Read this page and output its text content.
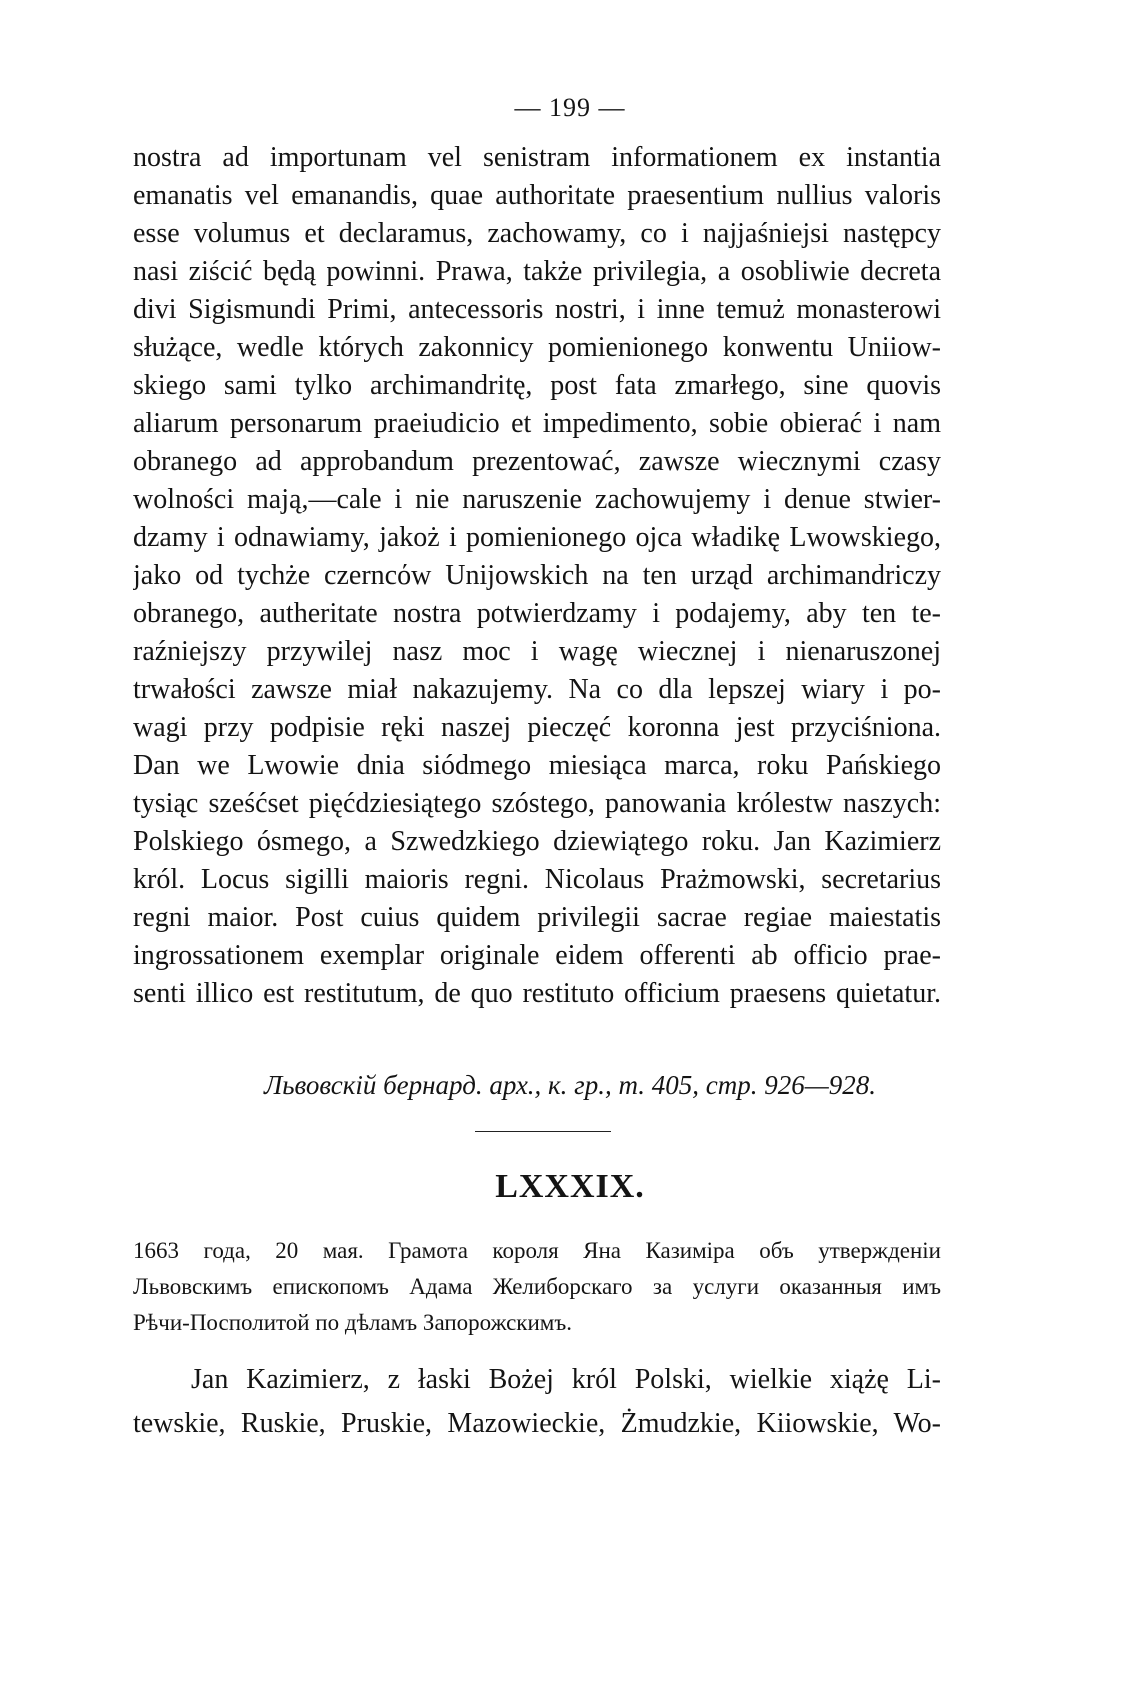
— 199 —
nostra ad importunam vel senistram informationem ex instantia
emanatis vel emanandis, quae authoritate praesentium nullius valoris
esse volumus et declaramus, zachowamy, co i najjaśniejsi następcy
nasi ziścić będą powinni. Prawa, także privilegia, a osobliwie decreta
divi Sigismundi Primi, antecessoris nostri, i inne temuż monasterowi
służące, wedle których zakonnicy pomienionego konwentu Uniiow-
skiego sami tylko archimandritę, post fata zmarłego, sine quovis
aliarum personarum praeiudicio et impedimento, sobie obierać i nam
obranego ad approbandum prezentować, zawsze wiecznymi czasy
wolności mają,—cale i nie naruszenie zachowujemy i denue stwier-
dzamy i odnawiamy, jakoż i pomienionego ojca władikę Lwowskiego,
jako od tychże czerncόw Unijowskich na ten urząd archimandriczy
obranego, autheritate nostra potwierdzamy i podajemy, aby ten te-
raźniejszy przywilej nasz moc i wagę wiecznej i nienaruszonej
trwałości zawsze miał nakazujemy. Na co dla lepszej wiary i po-
wagi przy podpisie ręki naszej pieczęć koronna jest przyciśniona.
Dan we Lwowie dnia siódmego miesiąca marca, roku Pańskiego
tysiąc sześćset pięćdziesiątego szóstego, panowania królestw naszych:
Polskiego ósmego, a Szwedzkiego dziewiątego roku. Jan Kazimierz
król. Locus sigilli maioris regni. Nicolaus Prażmowski, secretarius
regni maior. Post cuius quidem privilegii sacrae regiae maiestatis
ingrossationem exemplar originale eidem offerenti ab officio prae-
senti illico est restitutum, de quo restituto officium praesens quietatur.
Львовскій бернард. арх., к. гр., т. 405, стр. 926—928.
LXXXIX.
1663 года, 20 мая. Грамота короля Яна Казиміра объ утвержденіи
Львовскимъ епископомъ Адама Желиборскаго за услуги оказанныя имъ
Рѣчи-Посполитой по дѣламъ Запорожскимъ.
Jan Kazimierz, z łaski Bożej król Polski, wielkie xiążę Li-
tewskie, Ruskie, Pruskie, Mazowieckie, Żmudzkie, Kiiowskie, Wo-
